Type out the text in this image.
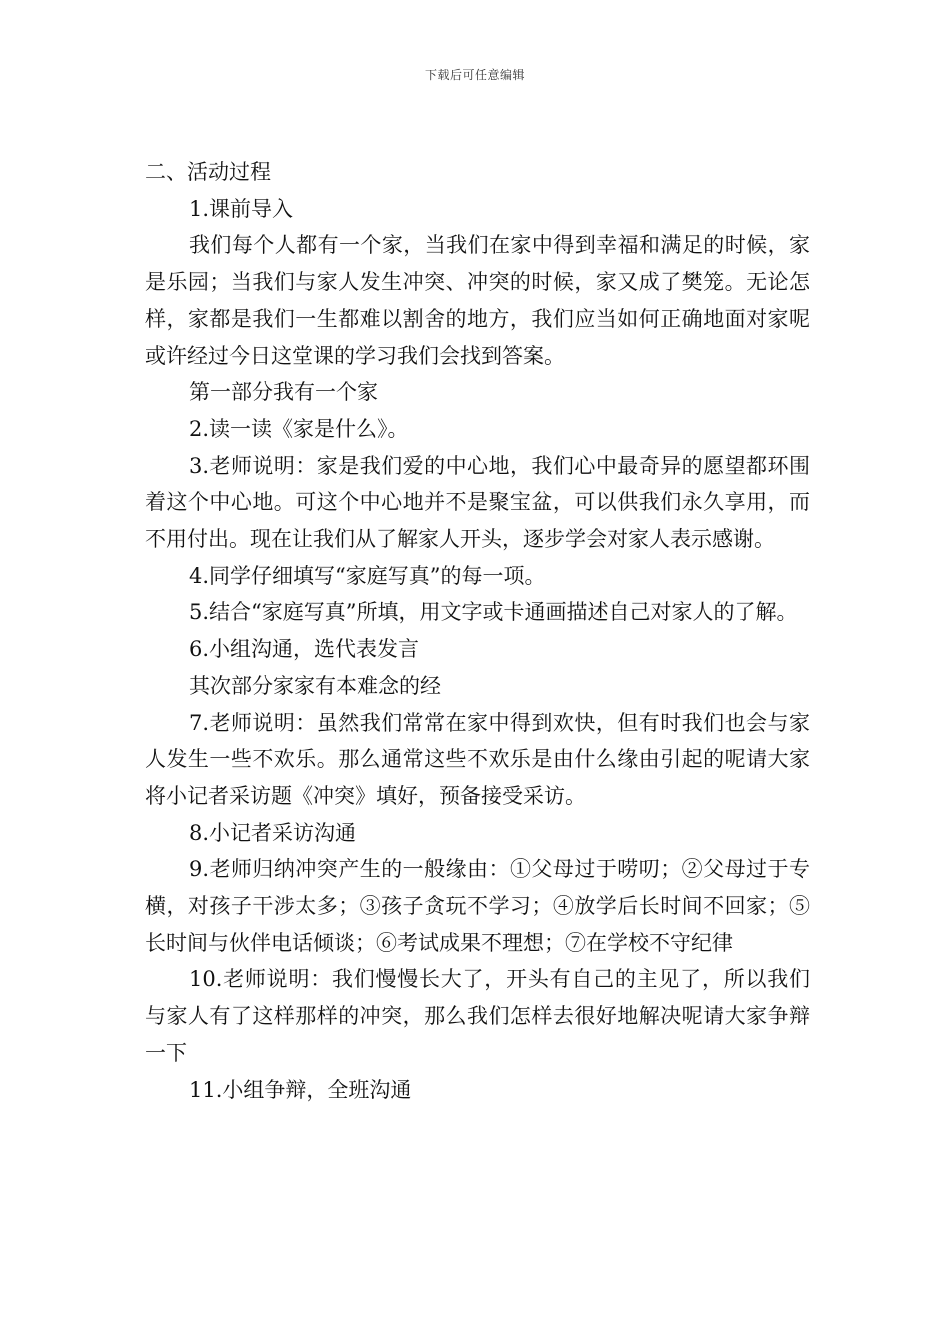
下载后可任意编辑

二、活动过程

1.课前导入

我们每个人都有一个家，当我们在家中得到幸福和满足的时候，家是乐园；当我们与家人发生冲突、冲突的时候，家又成了樊笼。无论怎样，家都是我们一生都难以割舍的地方，我们应当如何正确地面对家呢或许经过今日这堂课的学习我们会找到答案。

第一部分我有一个家

2.读一读《家是什么》。

3.老师说明：家是我们爱的中心地，我们心中最奇异的愿望都环围着这个中心地。可这个中心地并不是聚宝盆，可以供我们永久享用，而不用付出。现在让我们从了解家人开头，逐步学会对家人表示感谢。

4.同学仔细填写“家庭写真”的每一项。

5.结合“家庭写真”所填，用文字或卡通画描述自己对家人的了解。

6.小组沟通，选代表发言

其次部分家家有本难念的经

7.老师说明：虽然我们常常在家中得到欢快，但有时我们也会与家人发生一些不欢乐。那么通常这些不欢乐是由什么缘由引起的呢请大家将小记者采访题《冲突》填好，预备接受采访。

8.小记者采访沟通

9.老师归纳冲突产生的一般缘由：①父母过于唠叨；②父母过于专横，对孩子干涉太多；③孩子贪玩不学习；④放学后长时间不回家；⑤长时间与伙伴电话倾谈；⑥考试成果不理想；⑦在学校不守纪律

10.老师说明：我们慢慢长大了，开头有自己的主见了，所以我们与家人有了这样那样的冲突，那么我们怎样去很好地解决呢请大家争辩一下

11.小组争辩，全班沟通
